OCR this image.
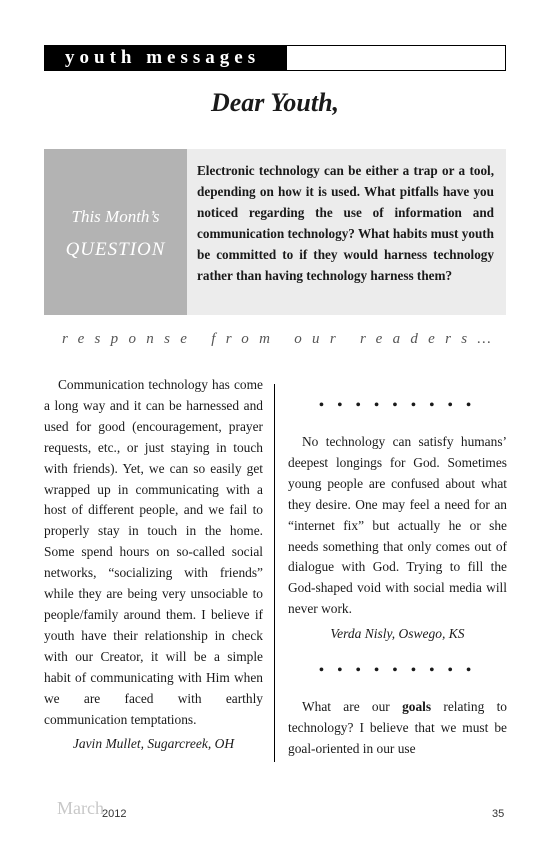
youth messages
Dear Youth,
This Month’s
QUESTION
Electronic technology can be either a trap or a tool, depending on how it is used. What pitfalls have you noticed regarding the use of information and communication technology? What habits must youth be committed to if they would harness technology rather than having technology harness them?
response from our readers…

Communication technology has come a long way and it can be harnessed and used for good (encouragement, prayer requests, etc., or just staying in touch with friends). Yet, we can so easily get wrapped up in communicating with a host of different people, and we fail to properly stay in touch in the home. Some spend hours on so-called social networks, “socializing with friends” while they are being very unsociable to people/family around them. I believe if youth have their relationship in check with our Creator, it will be a simple habit of communicating with Him when we are faced with earthly communication temptations.

Javin Mullet, Sugarcreek, OH
• • • • • • • • •

No technology can satisfy humans’ deepest longings for God. Sometimes young people are confused about what they desire. One may feel a need for an “internet fix” but actually he or she needs something that only comes out of dialogue with God. Trying to fill the God-shaped void with social media will never work.

Verda Nisly, Oswego, KS
• • • • • • • • •

What are our goals relating to technology? I believe that we must be goal-oriented in our use

March
2012	35
